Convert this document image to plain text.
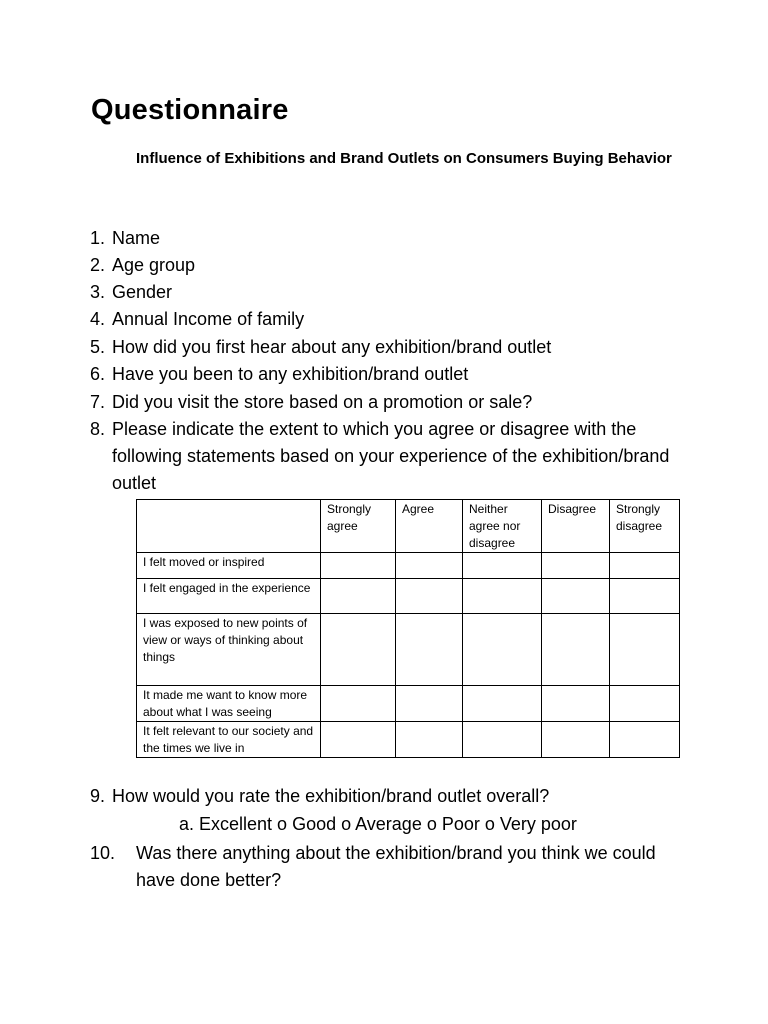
Questionnaire
Influence of Exhibitions and Brand Outlets on Consumers Buying Behavior
1. Name
2. Age group
3. Gender
4. Annual Income of family
5. How did you first hear about any exhibition/brand outlet
6. Have you been to any exhibition/brand outlet
7. Did you visit the store based on a promotion or sale?
8. Please indicate the extent to which you agree or disagree with the following statements based on your experience of the exhibition/brand outlet
	Strongly agree	Agree	Neither agree nor disagree	Disagree	Strongly disagree
I felt moved or inspired					
I felt engaged in the experience					
I was exposed to new points of view or ways of thinking about things					
It made me want to know more about what I was seeing					
It felt relevant to our society and the times we live in					
9. How would you rate the exhibition/brand outlet overall?
a. Excellent o Good o Average o Poor o Very poor
10. Was there anything about the exhibition/brand you think we could have done better?
